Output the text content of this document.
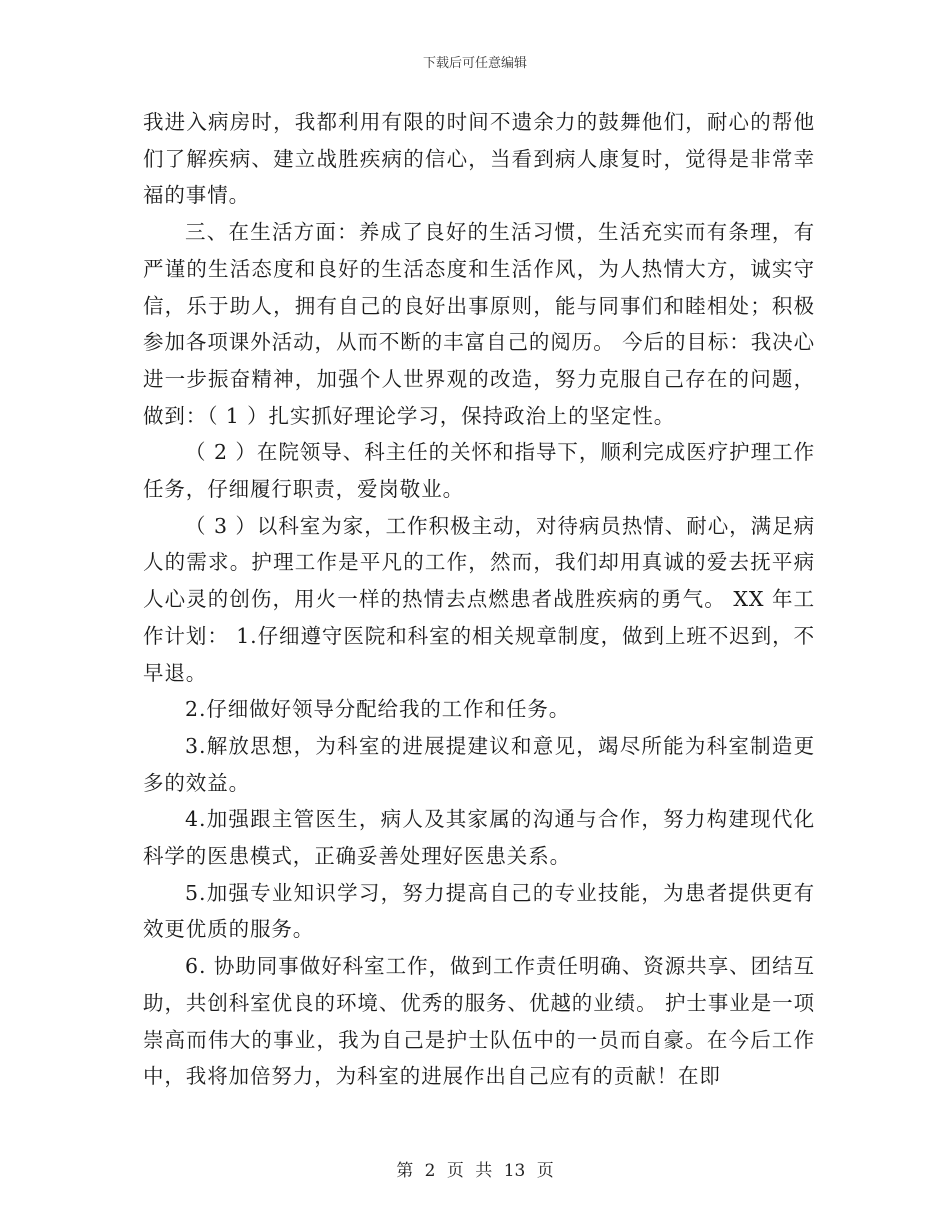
下载后可任意编辑

我进入病房时，我都利用有限的时间不遗余力的鼓舞他们，耐心的帮他们了解疾病、建立战胜疾病的信心，当看到病人康复时，觉得是非常幸福的事情。

三、在生活方面：养成了良好的生活习惯，生活充实而有条理，有严谨的生活态度和良好的生活态度和生活作风，为人热情大方，诚实守信，乐于助人，拥有自己的良好出事原则，能与同事们和睦相处；积极参加各项课外活动，从而不断的丰富自己的阅历。 今后的目标：我决心进一步振奋精神，加强个人世界观的改造，努力克服自己存在的问题，做到：（ 1 ）扎实抓好理论学习，保持政治上的坚定性。

（ 2 ）在院领导、科主任的关怀和指导下，顺利完成医疗护理工作任务，仔细履行职责，爱岗敬业。

（ 3 ）以科室为家，工作积极主动，对待病员热情、耐心，满足病人的需求。护理工作是平凡的工作，然而，我们却用真诚的爱去抚平病人心灵的创伤，用火一样的热情去点燃患者战胜疾病的勇气。 XX 年工作计划： 1.仔细遵守医院和科室的相关规章制度，做到上班不迟到，不早退。

2.仔细做好领导分配给我的工作和任务。

3.解放思想，为科室的进展提建议和意见，竭尽所能为科室制造更多的效益。

4.加强跟主管医生，病人及其家属的沟通与合作，努力构建现代化科学的医患模式，正确妥善处理好医患关系。

5.加强专业知识学习，努力提高自己的专业技能，为患者提供更有效更优质的服务。

6. 协助同事做好科室工作，做到工作责任明确、资源共享、团结互助，共创科室优良的环境、优秀的服务、优越的业绩。 护士事业是一项崇高而伟大的事业，我为自己是护士队伍中的一员而自豪。在今后工作中，我将加倍努力，为科室的进展作出自己应有的贡献！在即

第 2 页 共 13 页
